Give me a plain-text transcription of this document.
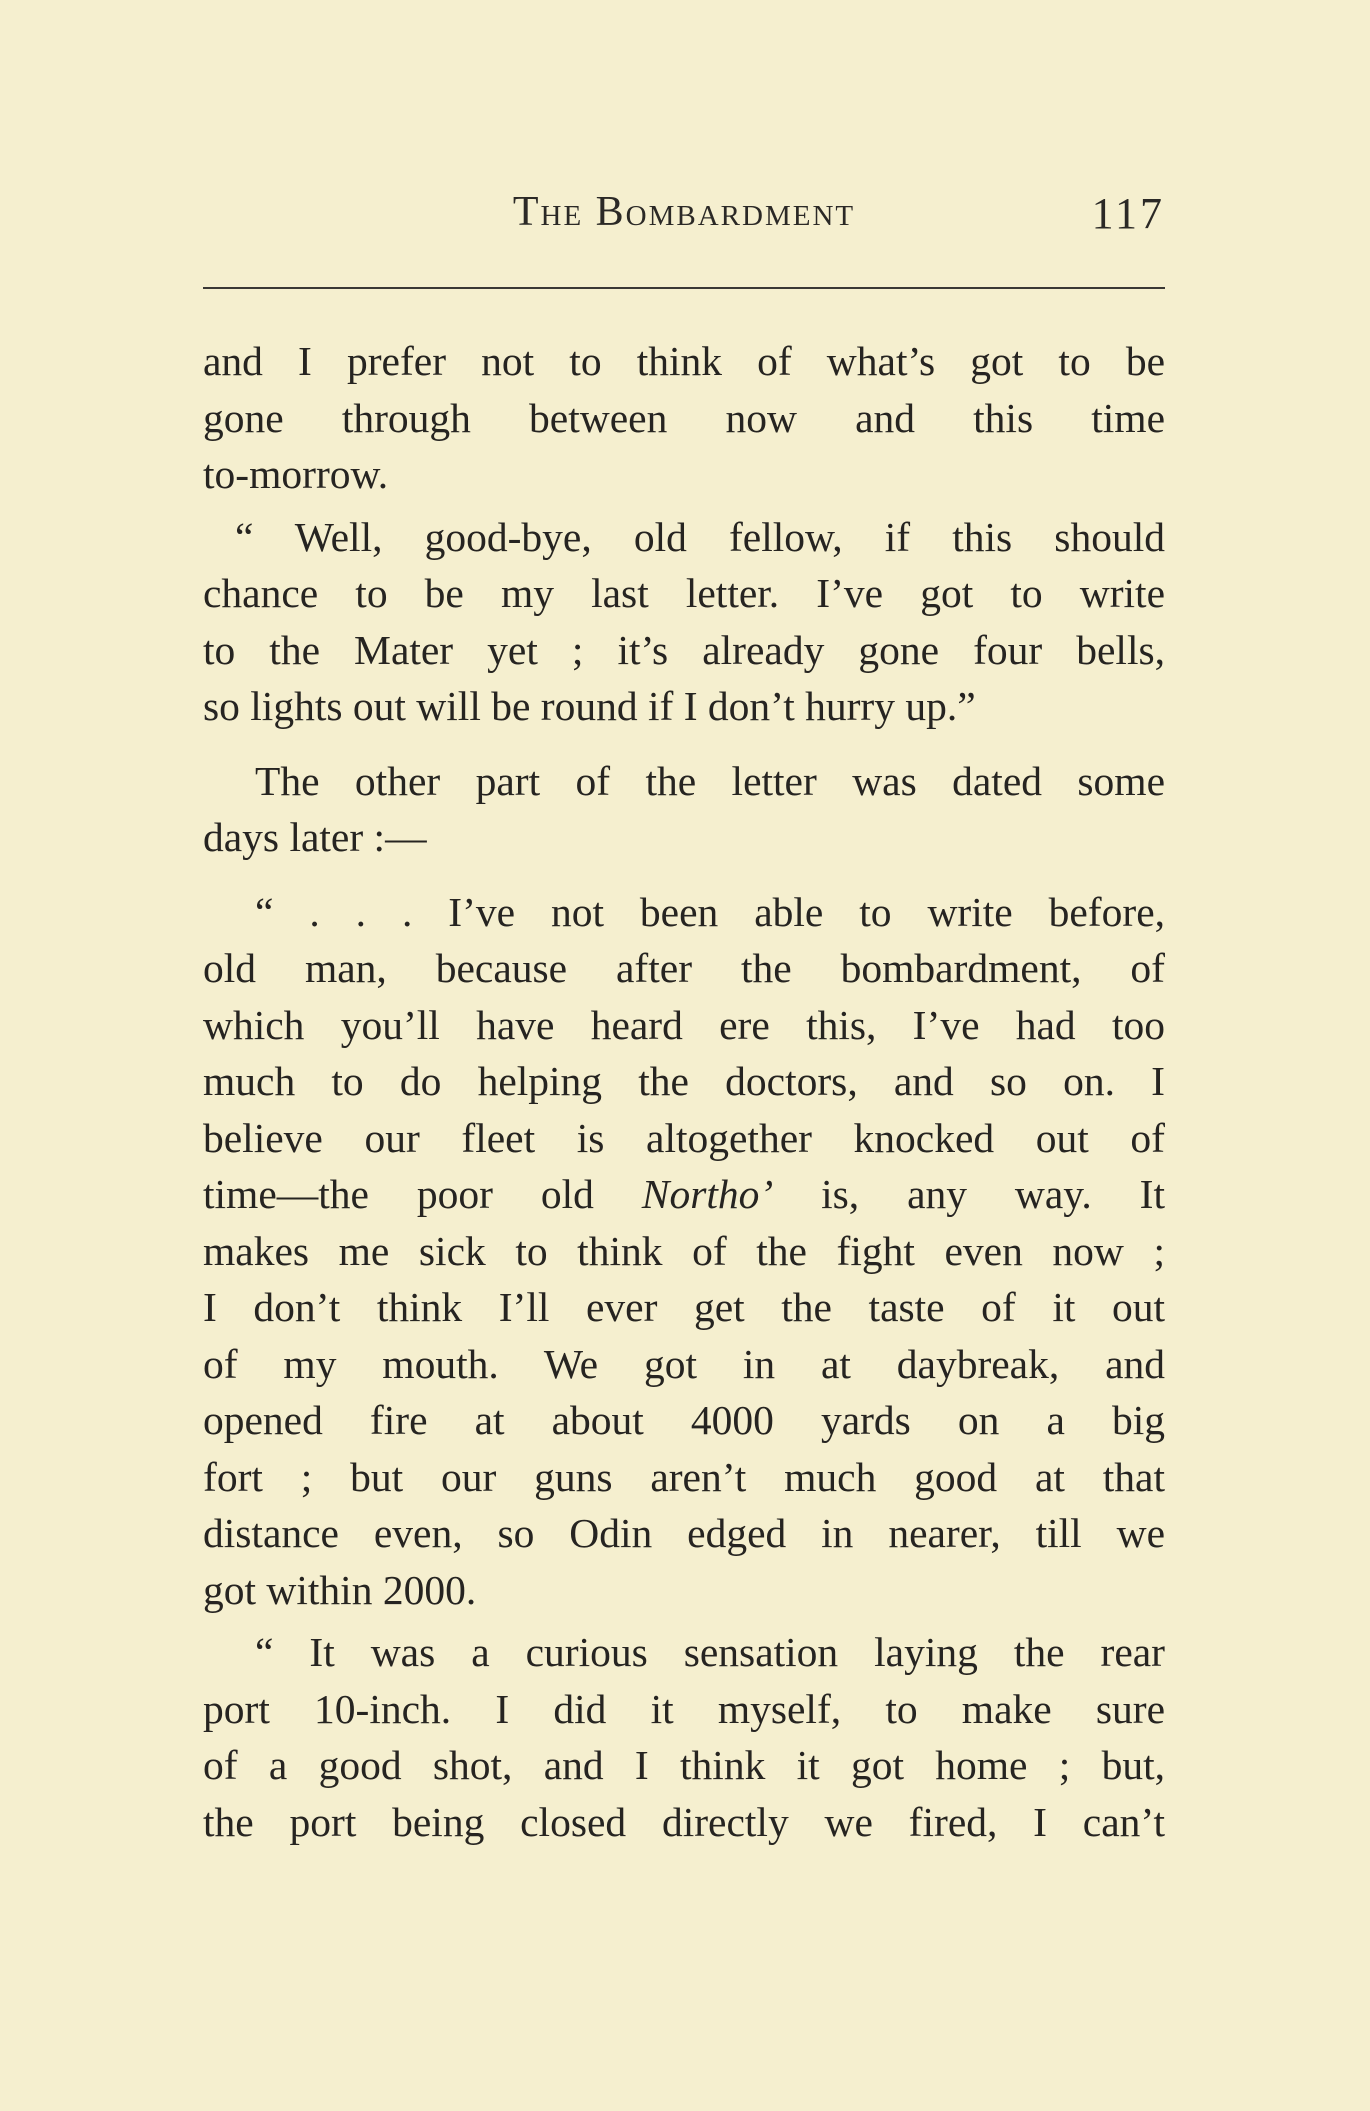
The Bombardment	117

and I prefer not to think of what’s got to be
gone through between now and this time
to-morrow.

“ Well, good-bye, old fellow, if this should
chance to be my last letter. I’ve got to write
to the Mater yet ; it’s already gone four bells,
so lights out will be round if I don’t hurry up.”

The other part of the letter was dated some
days later :—

“ . . . I’ve not been able to write before,
old man, because after the bombardment, of
which you’ll have heard ere this, I’ve had too
much to do helping the doctors, and so on. I
believe our fleet is altogether knocked out of
time—the poor old Northo’ is, any way. It
makes me sick to think of the fight even now ;
I don’t think I’ll ever get the taste of it out
of my mouth. We got in at daybreak, and
opened fire at about 4000 yards on a big
fort ; but our guns aren’t much good at that
distance even, so Odin edged in nearer, till we
got within 2000.

“ It was a curious sensation laying the rear
port 10-inch. I did it myself, to make sure
of a good shot, and I think it got home ; but,
the port being closed directly we fired, I can’t
